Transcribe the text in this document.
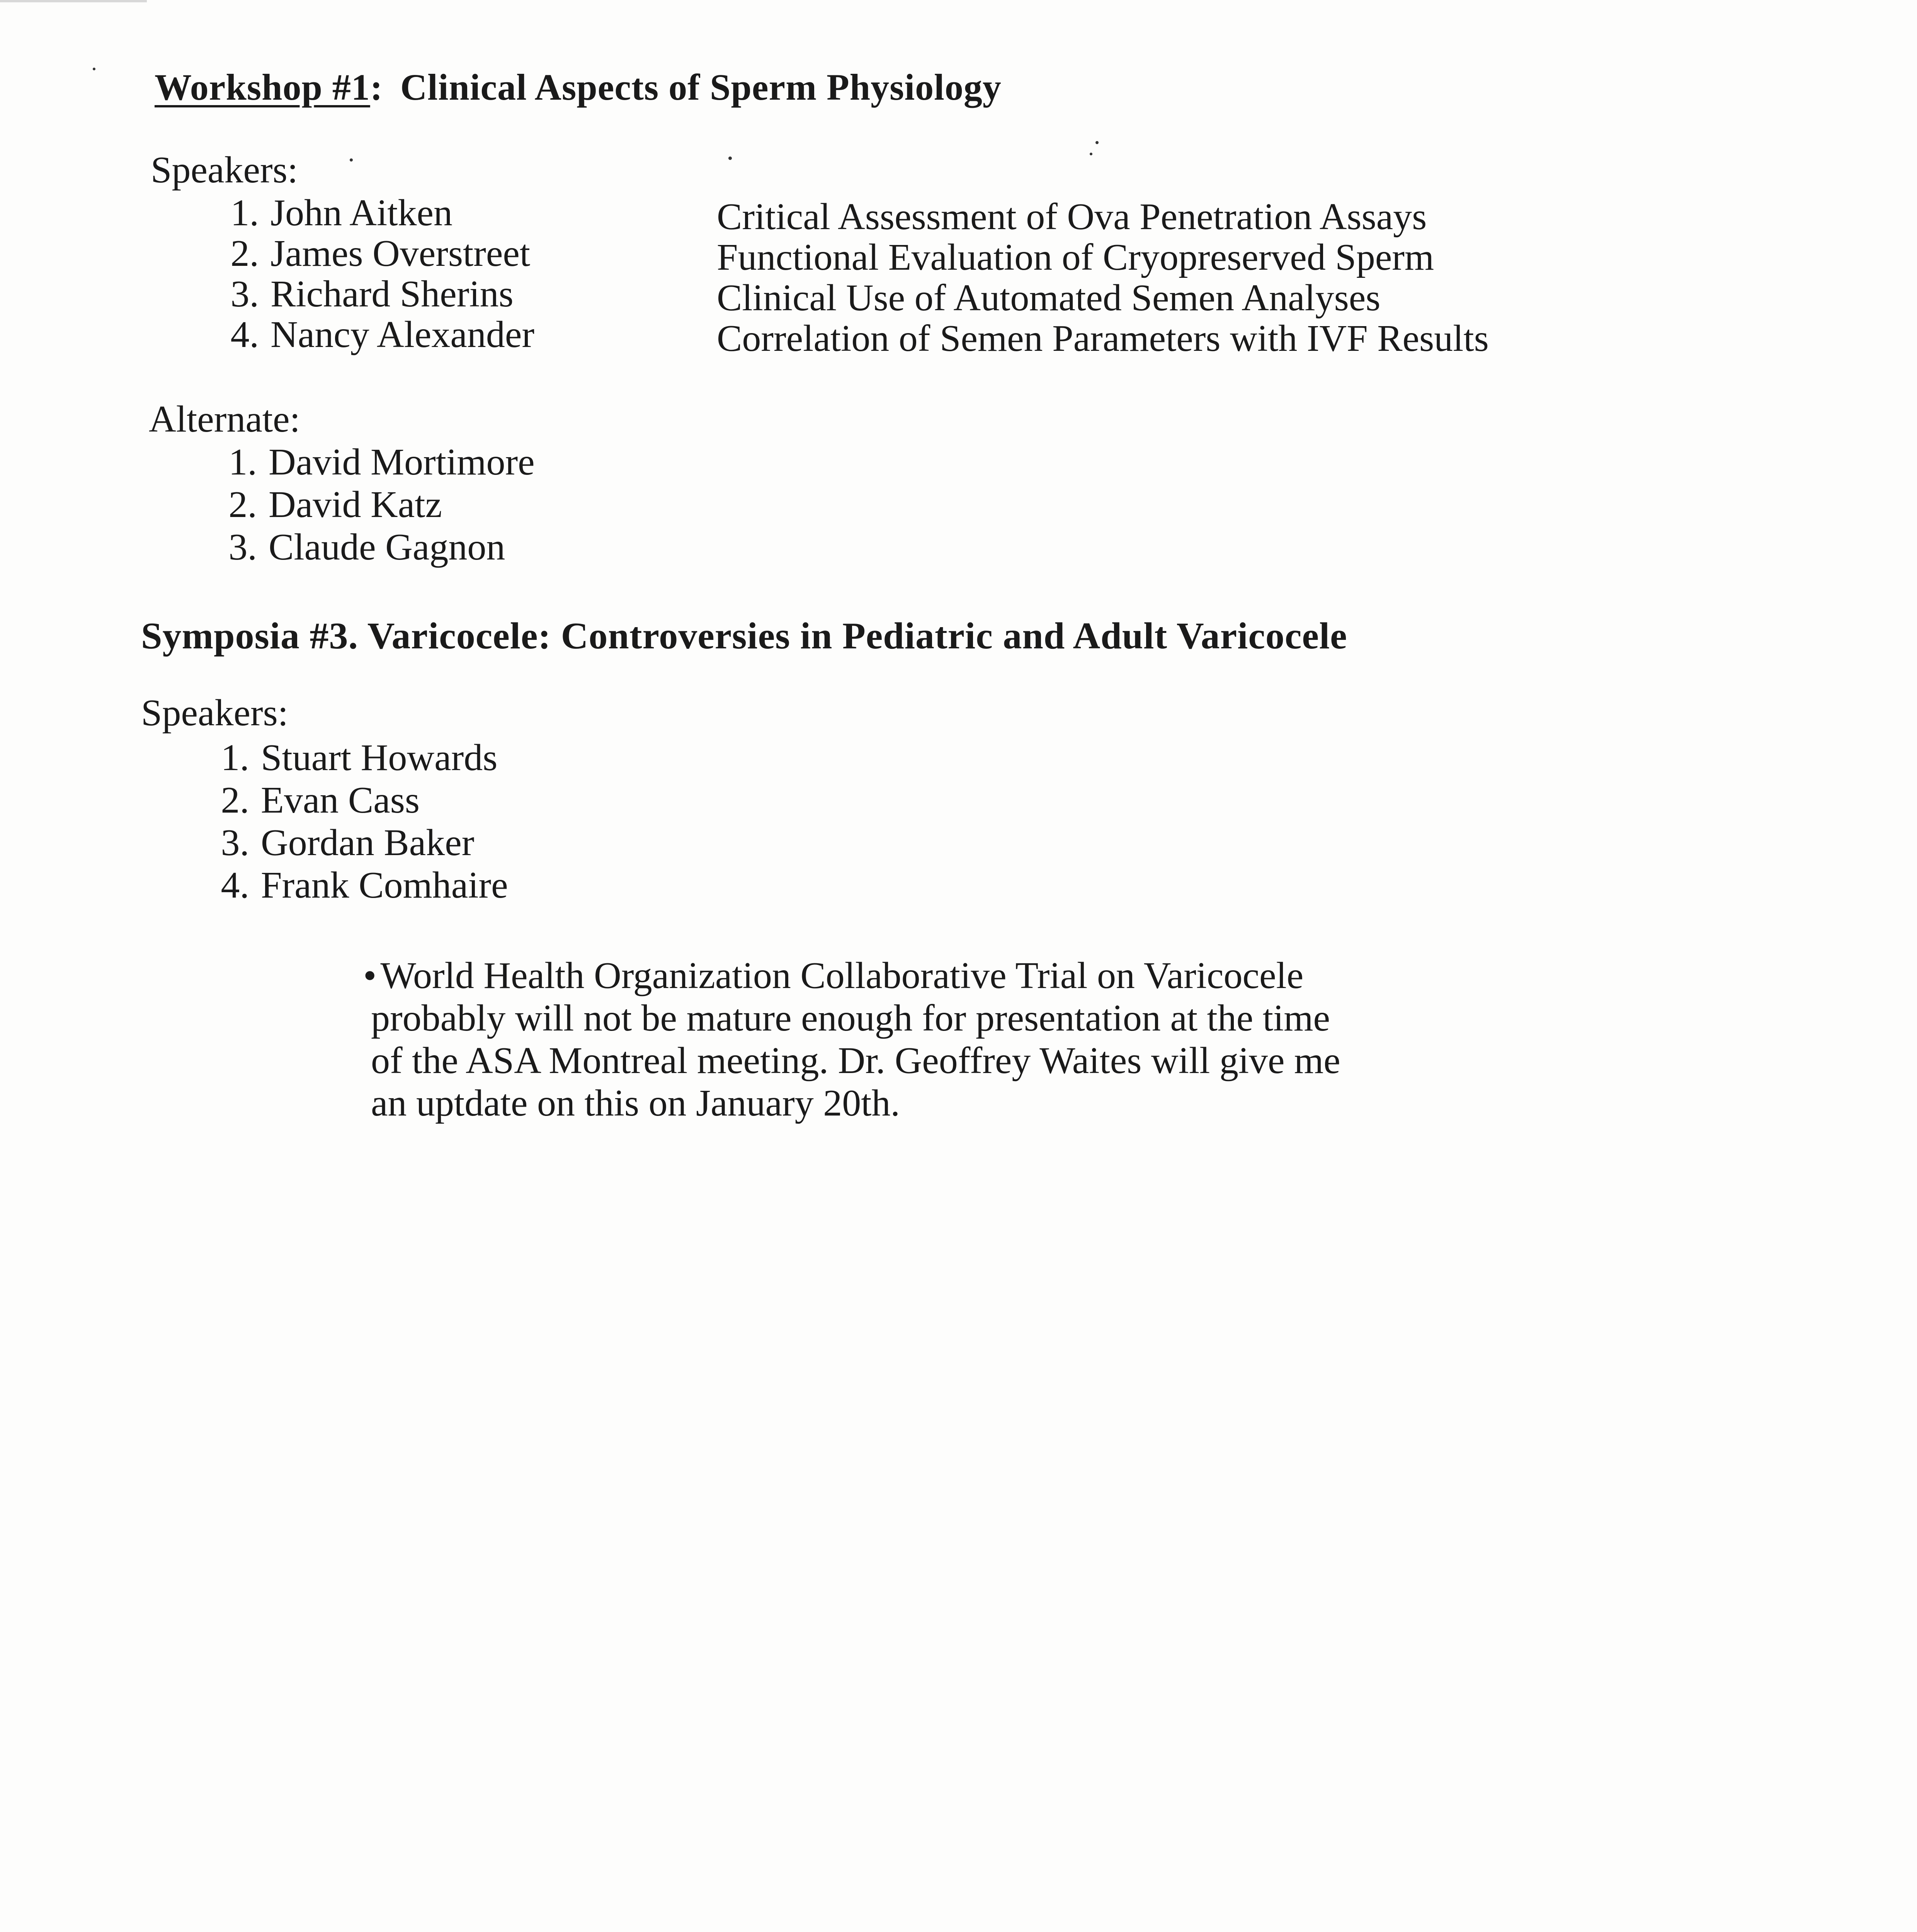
Workshop #1: Clinical Aspects of Sperm Physiology
Speakers:
1. John Aitken	Critical Assessment of Ova Penetration Assays
2. James Overstreet	Functional Evaluation of Cryopreserved Sperm
3. Richard Sherins	Clinical Use of Automated Semen Analyses
4. Nancy Alexander	Correlation of Semen Parameters with IVF Results
Alternate:
1. David Mortimore
2. David Katz
3. Claude Gagnon
Symposia #3. Varicocele: Controversies in Pediatric and Adult Varicocele
Speakers:
1. Stuart Howards
2. Evan Cass
3. Gordan Baker
4. Frank Comhaire
• World Health Organization Collaborative Trial on Varicocele
probably will not be mature enough for presentation at the time
of the ASA Montreal meeting. Dr. Geoffrey Waites will give me
an uptdate on this on January 20th.
